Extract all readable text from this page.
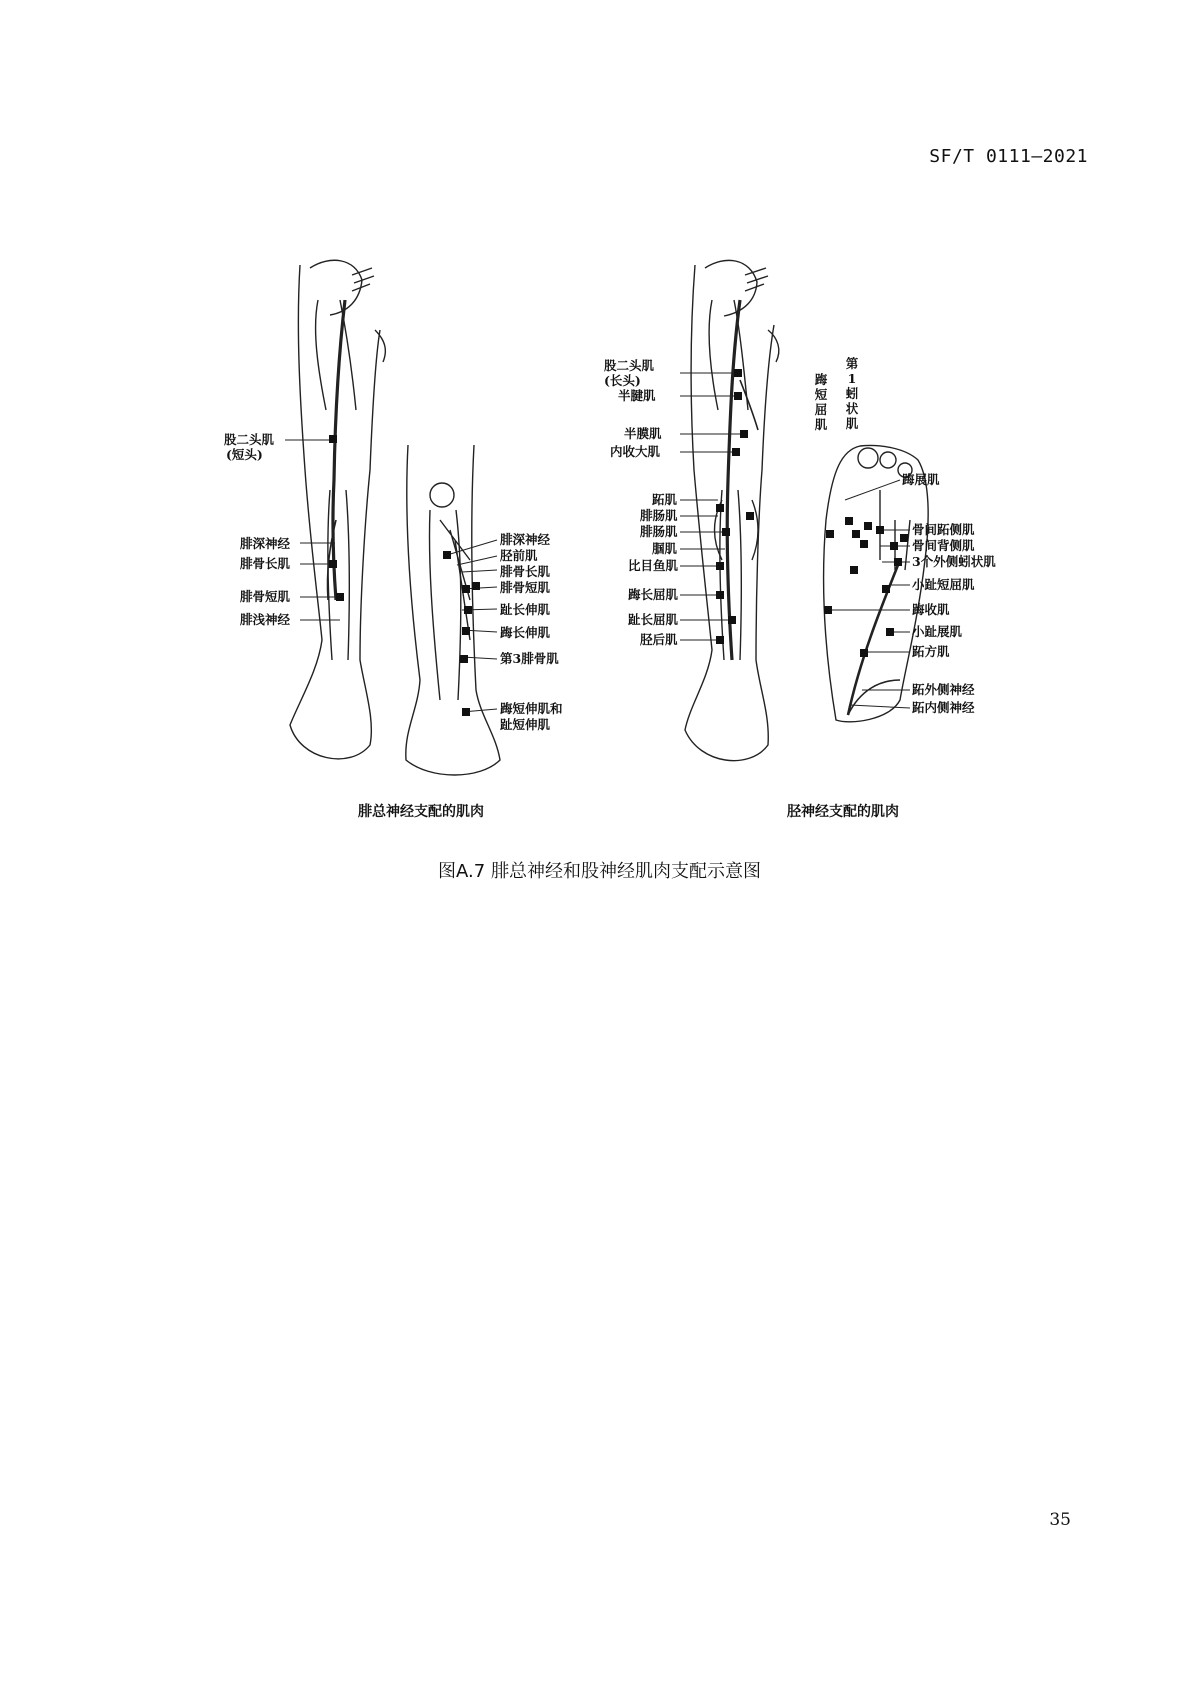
SF/T 0111—2021
股二头肌
(短头)
腓深神经
腓骨长肌
腓骨短肌
腓浅神经
腓深神经
胫前肌
腓骨长肌
腓骨短肌
趾长伸肌
踇长伸肌
第3腓骨肌
踇短伸肌和
趾短伸肌
腓总神经支配的肌肉
股二头肌
(长头)
半腱肌
半膜肌
内收大肌
跖肌
腓肠肌
腓肠肌
腘肌
比目鱼肌
踇长屈肌
趾长屈肌
胫后肌
踇短屈肌
第1蚓状肌
踇展肌
骨间跖侧肌
骨间背侧肌
3个外侧蚓状肌
小趾短屈肌
踇收肌
小趾展肌
跖方肌
跖外侧神经
跖内侧神经
胫神经支配的肌肉
图A.7 腓总神经和股神经肌肉支配示意图
35
